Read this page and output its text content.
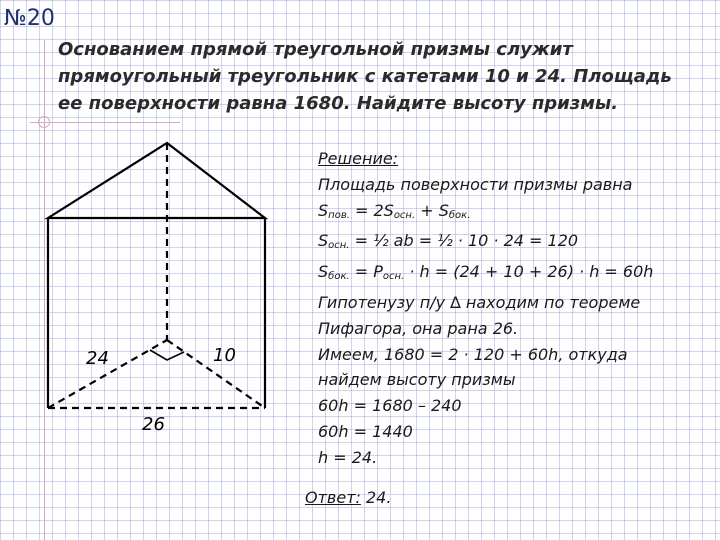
№20
Основанием прямой треугольной призмы служит
прямоугольный треугольник с катетами 10 и 24. Площадь
ее поверхности равна 1680. Найдите высоту призмы.
24	10
26
Решение:
Площадь поверхности призмы равна
$S_{пов.} = 2S_{осн.} + S_{бок.}$
$S_{осн.}$ = ½ ab = ½ · 10 · 24 = 120
$S_{бок.} = P_{осн.} \cdot h = (24 + 10 + 26) \cdot h = 60h$
Гипотенузу п/у ∆ находим по теореме
Пифагора, она рана 26.
Имеем, 1680 = 2 · 120 + 60h, откуда
найдем высоту призмы
60h = 1680 – 240
60h = 1440
h = 24.
Ответ: 24.
